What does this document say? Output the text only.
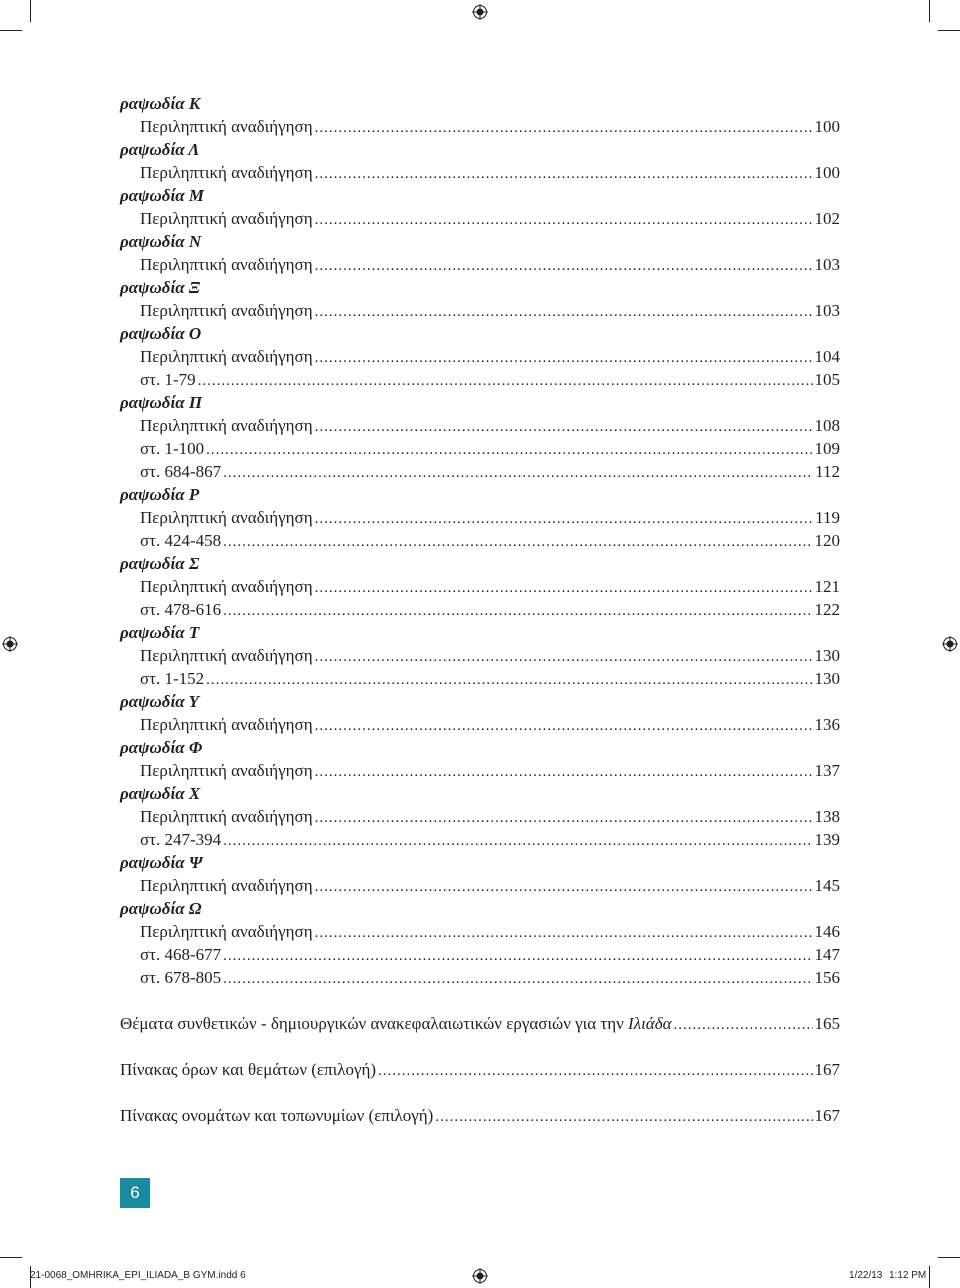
ραψωδία Κ
Περιληπτική αναδιήγηση .....	100
ραψωδία Λ
Περιληπτική αναδιήγηση .....	100
ραψωδία Μ
Περιληπτική αναδιήγηση .....	102
ραψωδία Ν
Περιληπτική αναδιήγηση .....	103
ραψωδία Ξ
Περιληπτική αναδιήγηση .....	103
ραψωδία Ο
Περιληπτική αναδιήγηση .....	104
στ. 1-79 .....	105
ραψωδία Π
Περιληπτική αναδιήγηση .....	108
στ. 1-100 .....	109
στ. 684-867 .....	112
ραψωδία Ρ
Περιληπτική αναδιήγηση .....	119
στ. 424-458 .....	120
ραψωδία Σ
Περιληπτική αναδιήγηση .....	121
στ. 478-616 .....	122
ραψωδία Τ
Περιληπτική αναδιήγηση .....	130
στ. 1-152 .....	130
ραψωδία Υ
Περιληπτική αναδιήγηση .....	136
ραψωδία Φ
Περιληπτική αναδιήγηση .....	137
ραψωδία Χ
Περιληπτική αναδιήγηση .....	138
στ. 247-394 .....	139
ραψωδία Ψ
Περιληπτική αναδιήγηση .....	145
ραψωδία Ω
Περιληπτική αναδιήγηση .....	146
στ. 468-677 .....	147
στ. 678-805 .....	156
Θέματα συνθετικών - δημιουργικών ανακεφαλαιωτικών εργασιών για την Ιλιάδα .....	165
Πίνακας όρων και θεμάτων (επιλογή) .....	167
Πίνακας ονομάτων και τοπωνυμίων (επιλογή) .....	167
6
21-0068_OMHRIKA_EPI_ILIADA_B GYM.indd 6	1/22/13 1:12 PM
